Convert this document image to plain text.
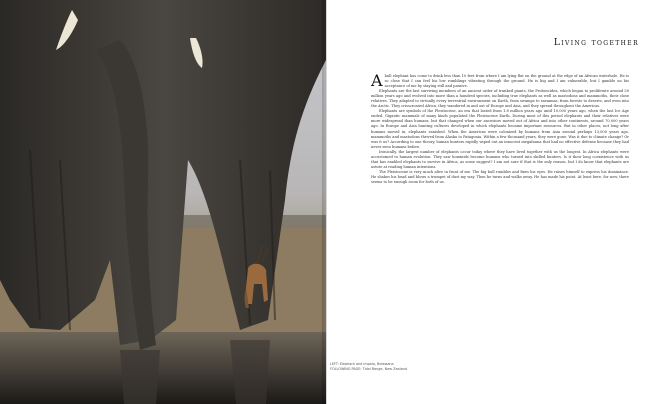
Living together

Abull elephant has come to drink less than 10 feet from where I am lying flat on the ground at the edge of an African waterhole. He is so close that I can feel his low rumblings vibrating through the ground. He is big and I am vulnerable, but I gamble on his acceptance of me by staying still and passive.

Elephants are the last surviving members of an ancient order of trunked giants, the Proboscidea, which began to proliferate around 50 million years ago and evolved into more than a hundred species, including true elephants as well as mastodons and mammoths, their close relatives. They adapted to virtually every terrestrial environment on Earth, from swamps to savannas, from forests to deserts, and even into the Arctic. They crisscrossed Africa, they wandered in and out of Europe and Asia, and they spread throughout the Americas.

Elephants are symbols of the Pleistocene, an era that lasted from 1.8 million years ago until 10,000 years ago, when the last Ice Age ended. Gigantic mammals of many kinds populated the Pleistocene Earth. During most of this period elephants and their relatives were more widespread than humans, but that changed when our ancestors moved out of Africa and into other continents, around 70,000 years ago. In Europe and Asia hunting cultures developed in which elephants became important resources. But in other places, not long after humans moved in, elephants vanished. When the Americas were colonized by humans from Asia around perhaps 13,000 years ago, mammoths and mastodons thrived from Alaska to Patagonia. Within a few thousand years, they were gone. Was it due to climate change? Or was it us? According to one theory, human hunters rapidly wiped out an innocent megafauna that had no effective defense because they had never seen humans before.

Ironically, the largest number of elephants occur today where they have lived together with us the longest. In Africa elephants were accustomed to human evolution. They saw hominids become humans who turned into skilled hunters. Is it their long coexistence with us that has enabled elephants to survive in Africa, as some suggest? I am not sure if that is the only reason, but I do know that elephants are astute at reading human intentions.

The Pleistocene is very much alive in front of me. The big bull rumbles and fixes his eyes. He raises himself to express his dominance. He shakes his head and blows a trumpet of dust my way. Then he turns and walks away. He has made his point. At least here, for now, there seems to be enough room for both of us.

LEFT: Elephant and impala, Botswana
FOLLOWING PAGE: Tidal Range, New Zealand
